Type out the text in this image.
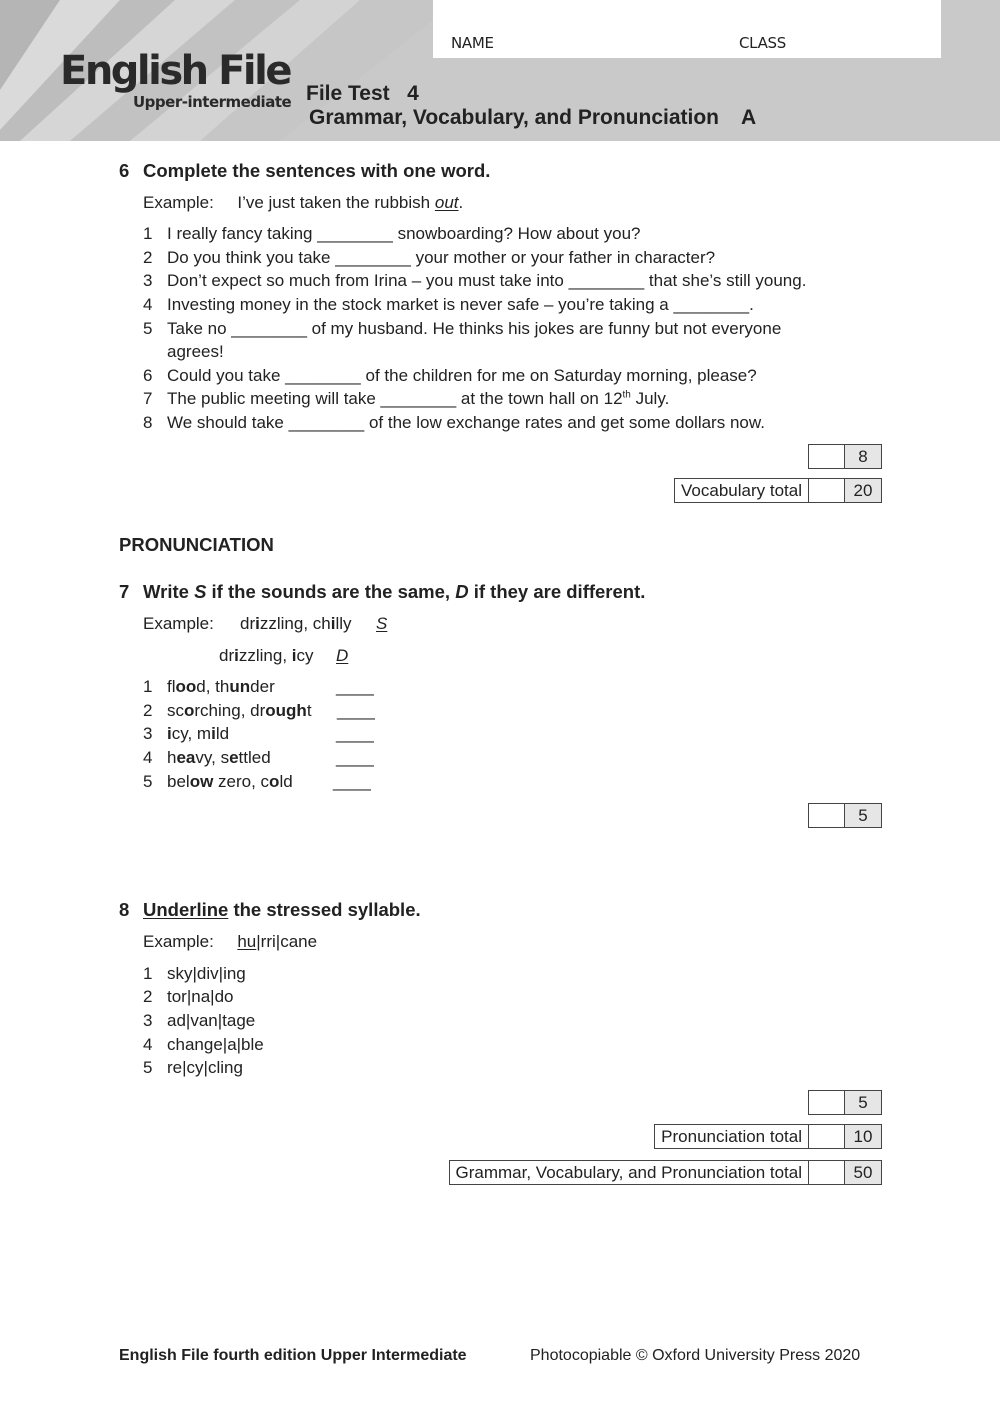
NAME	CLASS
English File
Upper-intermediate File Test   4
Grammar, Vocabulary, and Pronunciation A
6 Complete the sentences with one word.
Example: I’ve just taken the rubbish out.
1 I really fancy taking ________ snowboarding? How about you?
2 Do you think you take ________ your mother or your father in character?
3 Don’t expect so much from Irina – you must take into ________ that she’s still young.
4 Investing money in the stock market is never safe – you’re taking a ________.
5 Take no ________ of my husband. He thinks his jokes are funny but not everyone
agrees!
6 Could you take ________ of the children for me on Saturday morning, please?
7 The public meeting will take ________ at the town hall on 12th July.
8 We should take ________ of the low exchange rates and get some dollars now.
8
Vocabulary total	20
PRONUNCIATION
7 Write S if the sounds are the same, D if they are different.
Example: drizzling, chilly S
drizzling, icy D
1 flood, thunder	____
2 scorching, drought ____
3 icy, mild	____
4 heavy, settled	____
5 below zero, cold ____
5
8 Underline the stressed syllable.
Example: hu|rri|cane
1 sky|div|ing
2 tor|na|do
3 ad|van|tage
4 change|a|ble
5 re|cy|cling
5
Pronunciation total	10
Grammar, Vocabulary, and Pronunciation total	50
English File fourth edition Upper Intermediate	Photocopiable © Oxford University Press 2020
